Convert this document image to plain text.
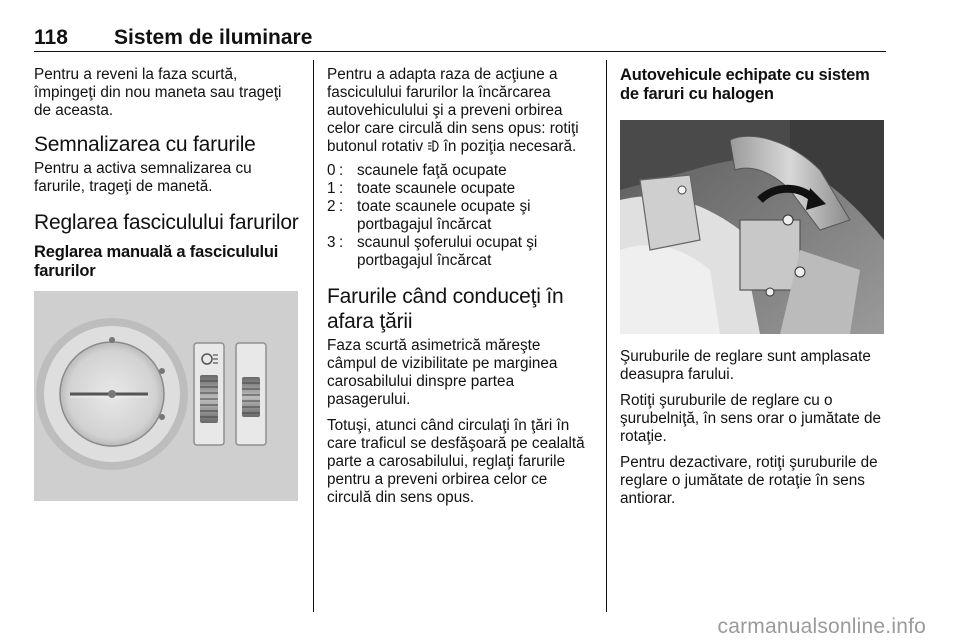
118 Sistem de iluminare

Pentru a reveni la faza scurtă, împingeţi din nou maneta sau trageţi de aceasta.

Semnalizarea cu farurile

Pentru a activa semnalizarea cu farurile, trageţi de manetă.

Reglarea fasciculului farurilor
Reglarea manuală a fasciculului farurilor

Pentru a adapta raza de acţiune a fasciculului farurilor la încărcarea autovehiculului şi a preveni orbirea celor care circulă din sens opus: rotiţi butonul rotativ în poziţia necesară.

0 : scaunele faţă ocupate
1 : toate scaunele ocupate
2 : toate scaunele ocupate şi portbagajul încărcat
3 : scaunul şoferului ocupat şi portbagajul încărcat
Farurile când conduceţi în afara ţării

Faza scurtă asimetrică măreşte câmpul de vizibilitate pe marginea carosabilului dinspre partea pasagerului.

Totuşi, atunci când circulaţi în ţări în care traficul se desfăşoară pe cealaltă parte a carosabilului, reglaţi farurile pentru a preveni orbirea celor ce circulă din sens opus.

Autovehicule echipate cu sistem de faruri cu halogen

Şuruburile de reglare sunt amplasate deasupra farului.

Rotiţi şuruburile de reglare cu o şurubelniţă, în sens orar o jumătate de rotaţie.

Pentru dezactivare, rotiţi şuruburile de reglare o jumătate de rotaţie în sens antiorar.

carmanualsonline.info
